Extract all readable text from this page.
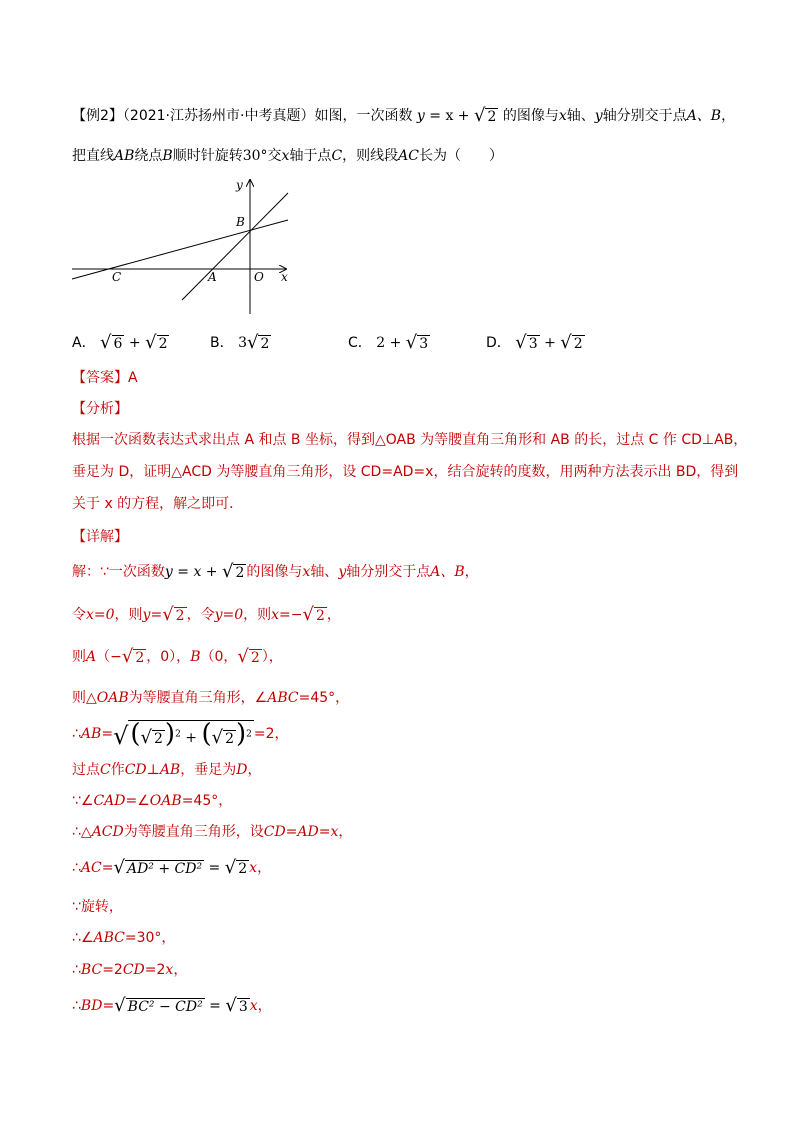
【例2】（2021·江苏扬州市·中考真题）如图，一次函数 y = x + √ 2 的图像与x轴、y轴分别交于点A、B，
把直线AB绕点B顺时针旋转30°交x轴于点C，则线段AC长为（　　）
y
x
B
C	A	O
A． √ 6 + √ 2	B． 3 √ 2	C． 2 + √ 3	D． √ 3 + √ 2
【答案】A
【分析】
根据一次函数表达式求出点 A 和点 B 坐标，得到△OAB 为等腰直角三角形和 AB 的长，过点 C 作 CD⊥AB，
垂足为 D，证明△ACD 为等腰直角三角形，设 CD=AD=x，结合旋转的度数，用两种方法表示出 BD，得到
关于 x 的方程，解之即可．
【详解】
解：∵一次函数y = x + √ 2 的图像与x轴、y轴分别交于点A、B，
令x=0，则y= √ 2 ，令y=0，则x=− √ 2 ，
则A（− √ 2 ，0），B（0， √ 2 ），
则△OAB为等腰直角三角形，∠ABC=45°，
∴AB= √ ( √ 2 )$^2$ + ( √ 2 )$^2$ =2，
过点C作CD⊥AB，垂足为D，
∵∠CAD=∠OAB=45°，
∴△ACD为等腰直角三角形，设CD=AD=x，
∴AC= √ AD² + CD² = √ 2 x，
∵旋转，
∴∠ABC=30°，
∴BC=2CD=2x，
∴BD= √ BC² − CD² = √ 3 x，
